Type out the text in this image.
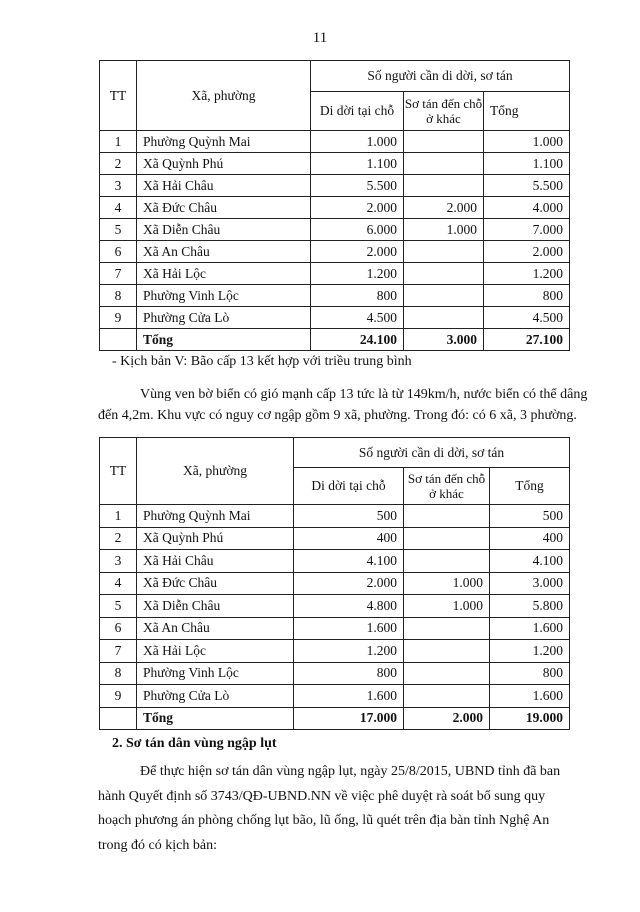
11
TT	Xã, phường	Số người cần di dời, sơ tán		
		Di dời tại chỗ	Sơ tán đến chỗ ở khác	Tổng
1	Phường Quỳnh Mai	1.000		1.000
2	Xã Quỳnh Phú	1.100		1.100
3	Xã Hải Châu	5.500		5.500
4	Xã Đức Châu	2.000	2.000	4.000
5	Xã Diễn Châu	6.000	1.000	7.000
6	Xã An Châu	2.000		2.000
7	Xã Hải Lộc	1.200		1.200
8	Phường Vinh Lộc	800		800
9	Phường Cửa Lò	4.500		4.500
	Tổng	24.100	3.000	27.100
- Kịch bản V: Bão cấp 13 kết hợp với triều trung bình
Vùng ven bờ biển có gió mạnh cấp 13 tức là từ 149km/h, nước biển có thể dâng
đến 4,2m. Khu vực có nguy cơ ngập gồm 9 xã, phường. Trong đó: có 6 xã, 3 phường.
TT	Xã, phường	Số người cần di dời, sơ tán		
		Di dời tại chỗ	Sơ tán đến chỗ ở khác	Tổng
1	Phường Quỳnh Mai	500		500
2	Xã Quỳnh Phú	400		400
3	Xã Hải Châu	4.100		4.100
4	Xã Đức Châu	2.000	1.000	3.000
5	Xã Diễn Châu	4.800	1.000	5.800
6	Xã An Châu	1.600		1.600
7	Xã Hải Lộc	1.200		1.200
8	Phường Vinh Lộc	800		800
9	Phường Cửa Lò	1.600		1.600
	Tổng	17.000	2.000	19.000
2. Sơ tán dân vùng ngập lụt
Để thực hiện sơ tán dân vùng ngập lụt, ngày 25/8/2015, UBND tỉnh đã ban
hành Quyết định số 3743/QĐ-UBND.NN về việc phê duyệt rà soát bổ sung quy
hoạch phương án phòng chống lụt bão, lũ ống, lũ quét trên địa bàn tỉnh Nghệ An
trong đó có kịch bản:
